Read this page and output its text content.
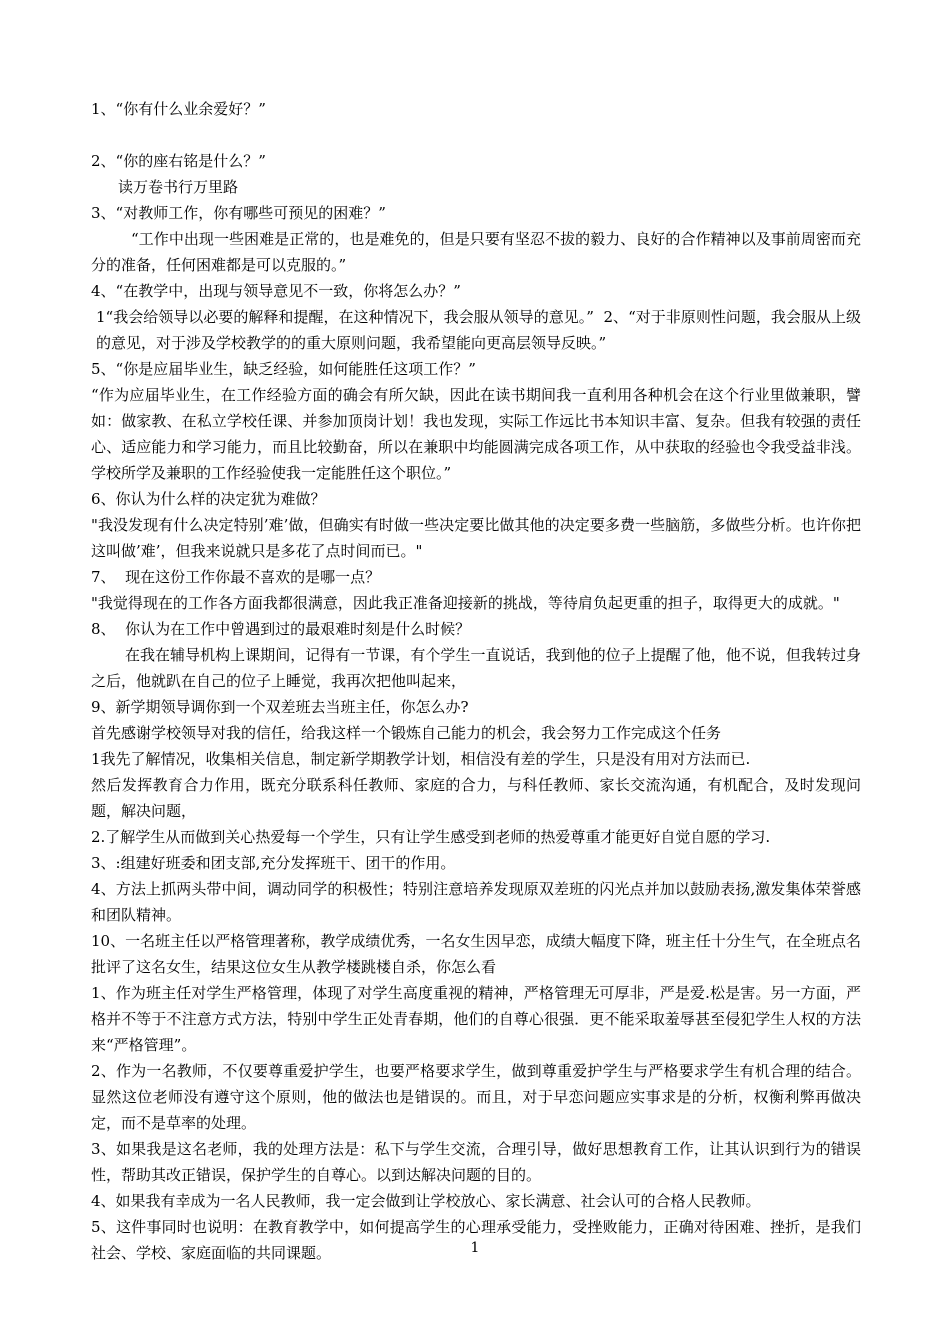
1、“你有什么业余爱好？”

2、“你的座右铭是什么？”

读万卷书行万里路

3、“对教师工作，你有哪些可预见的困难？”

“工作中出现一些困难是正常的，也是难免的，但是只要有坚忍不拔的毅力、良好的合作精神以及事前周密而充分的准备，任何困难都是可以克服的。”

4、“在教学中，出现与领导意见不一致，你将怎么办？”

1“我会给领导以必要的解释和提醒，在这种情况下，我会服从领导的意见。”  2、“对于非原则性问题，我会服从上级的意见，对于涉及学校教学的的重大原则问题，我希望能向更高层领导反映。”

5、“你是应届毕业生，缺乏经验，如何能胜任这项工作？”

“作为应届毕业生，在工作经验方面的确会有所欠缺，因此在读书期间我一直利用各种机会在这个行业里做兼职，譬如：做家教、在私立学校任课、并参加顶岗计划！我也发现，实际工作远比书本知识丰富、复杂。但我有较强的责任心、适应能力和学习能力，而且比较勤奋，所以在兼职中均能圆满完成各项工作，从中获取的经验也令我受益非浅。学校所学及兼职的工作经验使我一定能胜任这个职位。”

6、你认为什么样的决定犹为难做？

"我没发现有什么决定特别’难’做，但确实有时做一些决定要比做其他的决定要多费一些脑筋，多做些分析。也许你把这叫做’难’，但我来说就只是多花了点时间而已。"

7、  现在这份工作你最不喜欢的是哪一点？

"我觉得现在的工作各方面我都很满意，因此我正准备迎接新的挑战，等待肩负起更重的担子，取得更大的成就。"

8、  你认为在工作中曾遇到过的最艰难时刻是什么时候？

在我在辅导机构上课期间，记得有一节课，有个学生一直说话，我到他的位子上提醒了他，他不说，但我转过身之后，他就趴在自己的位子上睡觉，我再次把他叫起来，

9、新学期领导调你到一个双差班去当班主任，你怎么办?

首先感谢学校领导对我的信任，给我这样一个锻炼自己能力的机会，我会努力工作完成这个任务

1我先了解情况，收集相关信息，制定新学期教学计划，相信没有差的学生，只是没有用对方法而已.

然后发挥教育合力作用，既充分联系科任教师、家庭的合力，与科任教师、家长交流沟通，有机配合，及时发现问题，解决问题，

2.了解学生从而做到关心热爱每一个学生，只有让学生感受到老师的热爱尊重才能更好自觉自愿的学习.

3、:组建好班委和团支部,充分发挥班干、团干的作用。

4、方法上抓两头带中间，调动同学的积极性；特别注意培养发现原双差班的闪光点并加以鼓励表扬,激发集体荣誉感和团队精神。

10、一名班主任以严格管理著称，教学成绩优秀，一名女生因早恋，成绩大幅度下降，班主任十分生气，在全班点名批评了这名女生，结果这位女生从教学楼跳楼自杀，你怎么看

1、作为班主任对学生严格管理，体现了对学生高度重视的精神，严格管理无可厚非，严是爱.松是害。另一方面，严格并不等于不注意方式方法，特别中学生正处青春期，他们的自尊心很强．更不能采取羞辱甚至侵犯学生人权的方法来“严格管理”。

2、作为一名教师，不仅要尊重爱护学生，也要严格要求学生，做到尊重爱护学生与严格要求学生有机合理的结合。显然这位老师没有遵守这个原则，他的做法也是错误的。而且，对于早恋问题应实事求是的分析，权衡利弊再做决定，而不是草率的处理。

3、如果我是这名老师，我的处理方法是：私下与学生交流，合理引导，做好思想教育工作，让其认识到行为的错误性，帮助其改正错误，保护学生的自尊心。以到达解决问题的目的。

4、如果我有幸成为一名人民教师，我一定会做到让学校放心、家长满意、社会认可的合格人民教师。

5、这件事同时也说明：在教育教学中，如何提高学生的心理承受能力，受挫败能力，正确对待困难、挫折，是我们社会、学校、家庭面临的共同课题。	1
